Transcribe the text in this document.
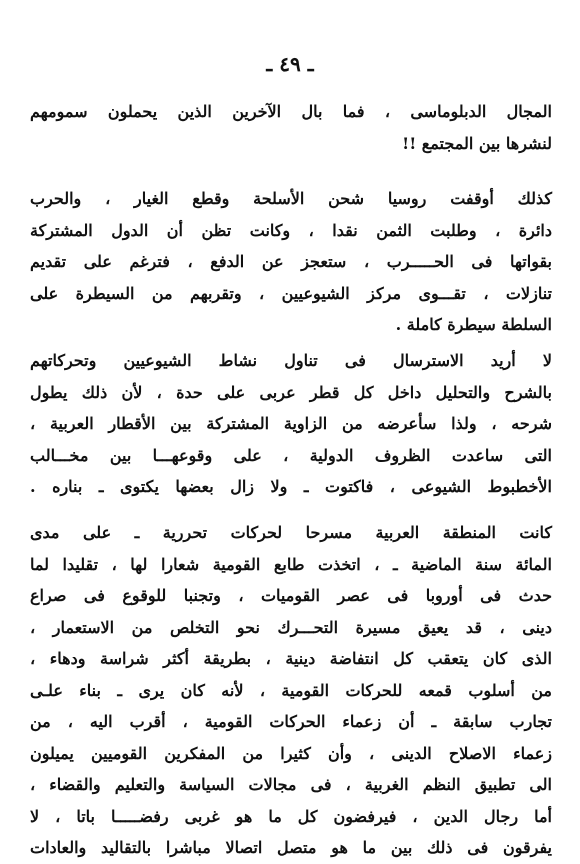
ـ ٤٩ ـ
المجال الدبلوماسى ، فما بال الآخرين الذين يحملون سمومهم
لنشرها بين المجتمع !!
كذلك أوقفت روسيا شحن الأسلحة وقطع الغيار ، والحرب
دائرة ، وطلبت الثمن نقدا ، وكانت تظن أن الدول المشتركة
بقواتها فى الحـــــرب ، ستعجز عن الدفع ، فترغم على تقديم
تنازلات ، تقـــوى مركز الشيوعيين ، وتقربهم من السيطرة على
السلطة سيطرة كاملة .
لا أريد الاسترسال فى تناول نشاط الشيوعيين وتحركاتهم
بالشرح والتحليل داخل كل قطر عربى على حدة ، لأن ذلك يطول
شرحه ، ولذا سأعرضه من الزاوية المشتركة بين الأقطار العربية ،
التى ساعدت الظروف الدولية ، على وقوعهـــا بين مخـــالب
الأخطبوط الشيوعى ، فاكتوت ـ ولا زال بعضها يكتوى ـ بناره .
كانت المنطقة العربية مسرحا لحركات تحررية ـ على مدى
المائة سنة الماضية ـ ، اتخذت طابع القومية شعارا لها ، تقليدا لما
حدث فى أوروبا فى عصر القوميات ، وتجنبا للوقوع فى صراع
دينى ، قد يعيق مسيرة التحـــرك نحو التخلص من الاستعمار ،
الذى كان يتعقب كل انتفاضة دينية ، بطريقة أكثر شراسة ودهاء ،
من أسلوب قمعه للحركات القومية ، لأنه كان يرى ـ بناء علـى
تجارب سابقة ـ أن زعماء الحركات القومية ، أقرب اليه ، من
زعماء الاصلاح الدينى ، وأن كثيرا من المفكرين القوميين يميلون
الى تطبيق النظم الغربية ، فى مجالات السياسة والتعليم والقضاء ،
أما رجال الدين ، فيرفضون كل ما هو غربى رفضـــــا باتا ، لا
يفرقون فى ذلك بين ما هو متصل اتصالا مباشرا بالتقاليد والعادات
